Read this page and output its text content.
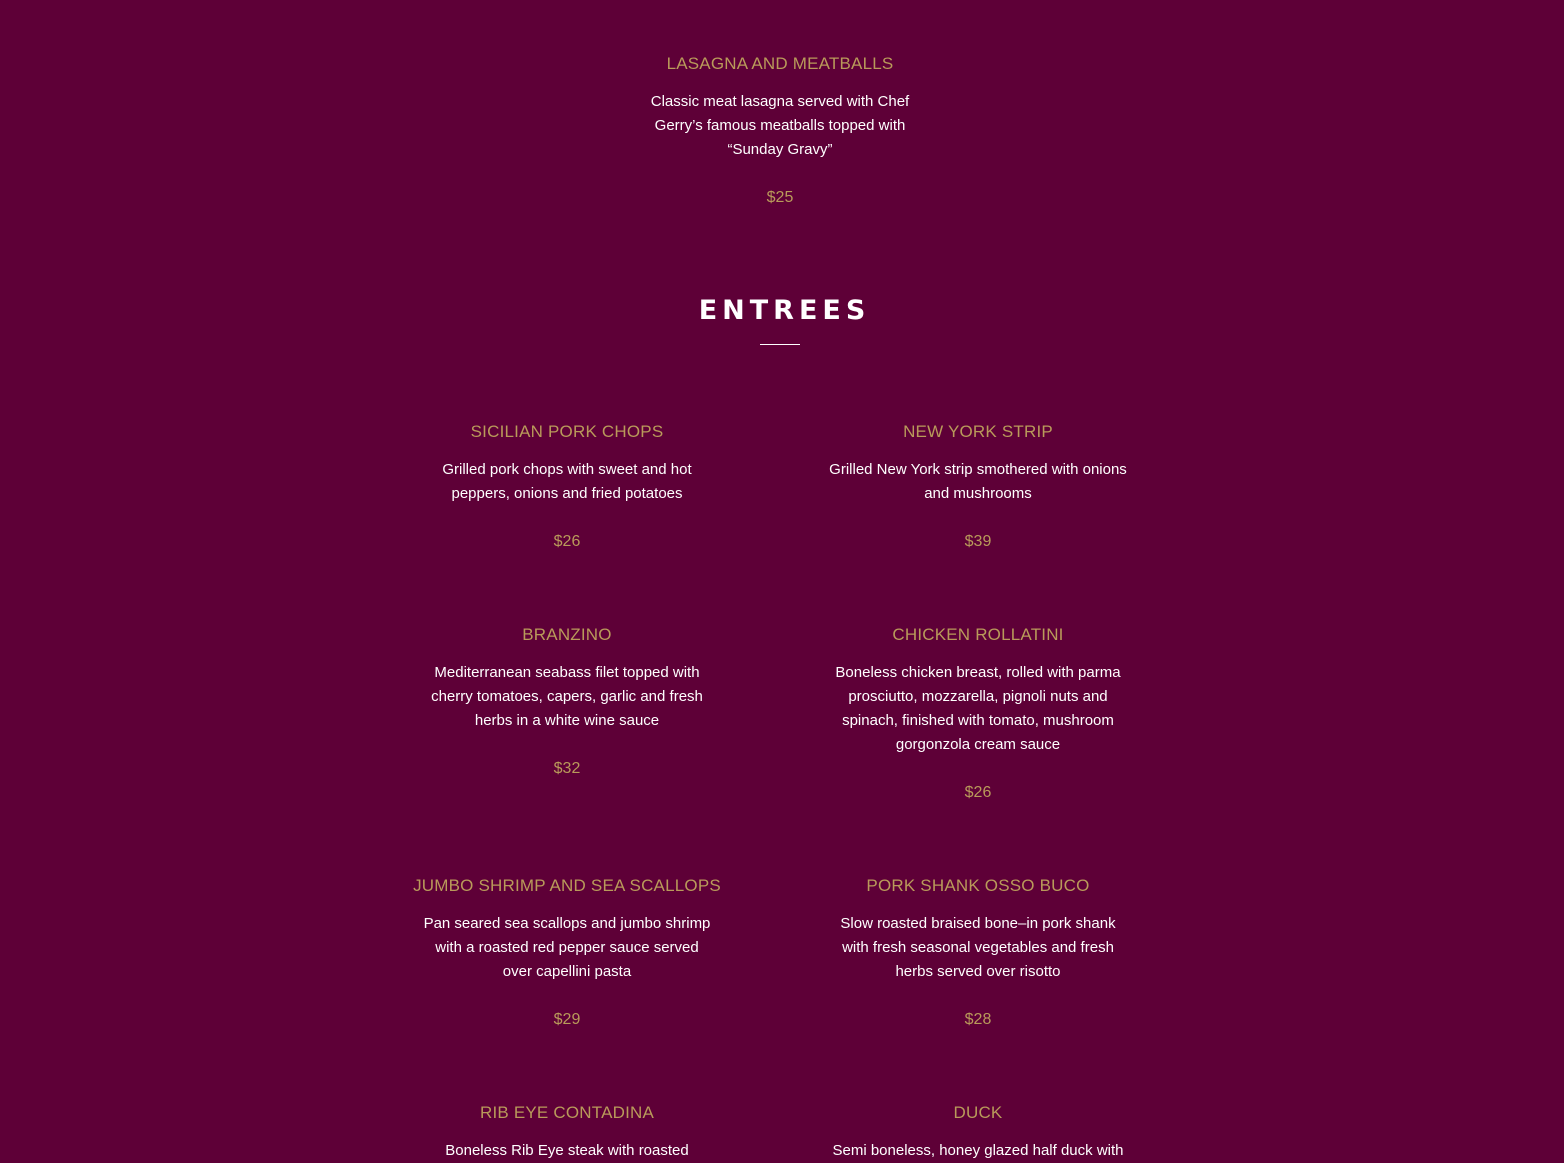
LASAGNA AND MEATBALLS

Classic meat lasagna served with Chef Gerry’s famous meatballs topped with “Sunday Gravy”

$25

ENTREES

SICILIAN PORK CHOPS

Grilled pork chops with sweet and hot peppers, onions and fried potatoes

$26

NEW YORK STRIP

Grilled New York strip smothered with onions and mushrooms

$39

BRANZINO

Mediterranean seabass filet topped with cherry tomatoes, capers, garlic and fresh herbs in a white wine sauce

$32

CHICKEN ROLLATINI

Boneless chicken breast, rolled with parma prosciutto, mozzarella, pignoli nuts and spinach, finished with tomato, mushroom gorgonzola cream sauce

$26

JUMBO SHRIMP AND SEA SCALLOPS

Pan seared sea scallops and jumbo shrimp with a roasted red pepper sauce served over capellini pasta

$29

PORK SHANK OSSO BUCO

Slow roasted braised bone–in pork shank with fresh seasonal vegetables and fresh herbs served over risotto

$28

RIB EYE CONTADINA

Boneless Rib Eye steak with roasted

DUCK

Semi boneless, honey glazed half duck with
